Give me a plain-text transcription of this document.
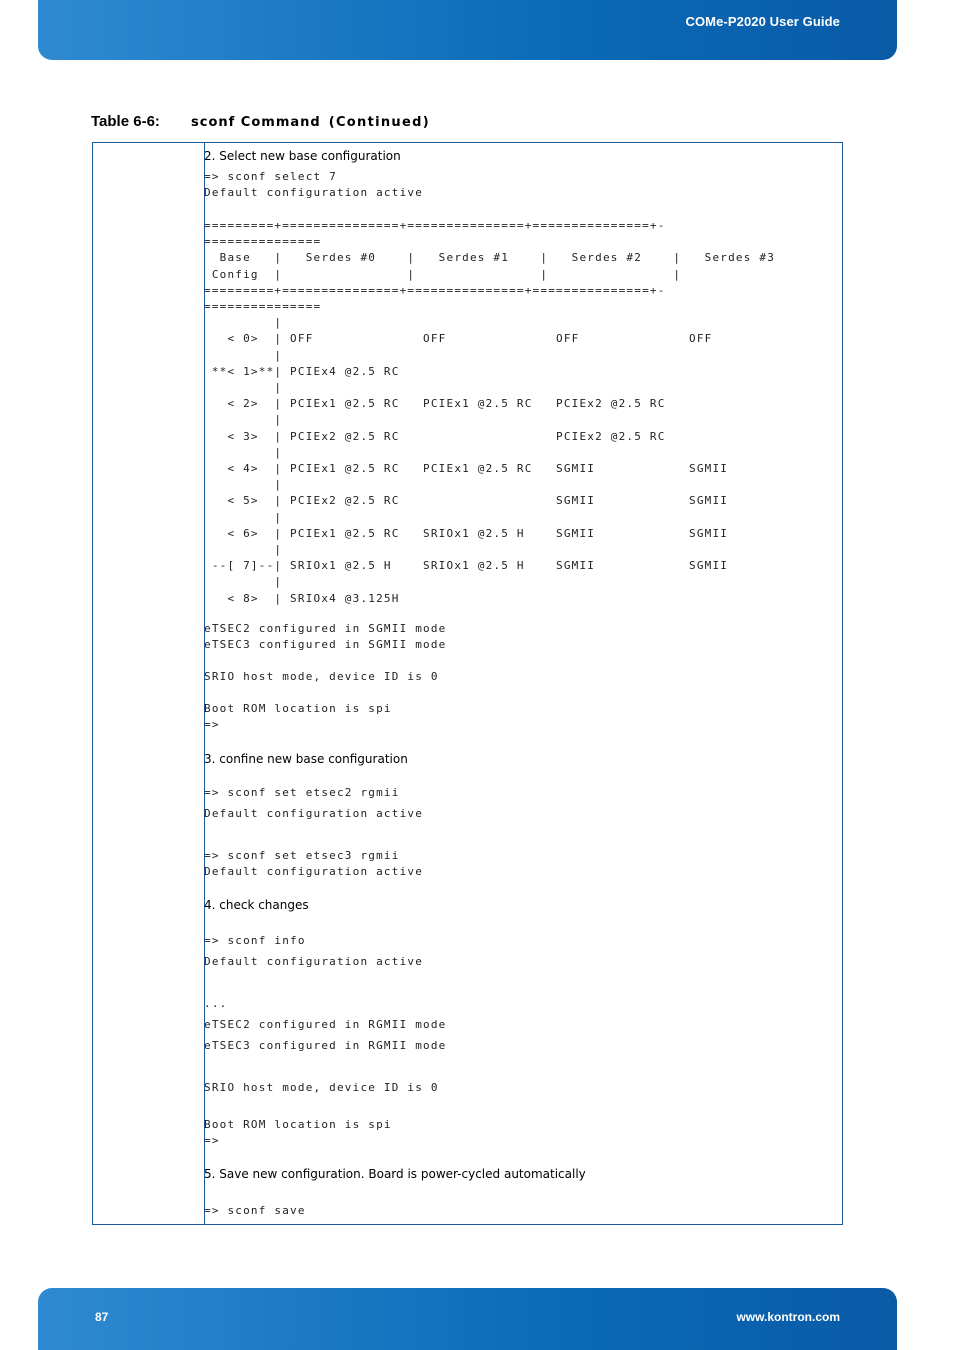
COMe-P2020 User Guide
Table 6-6: sconf Command (Continued)
2. Select new base configuration
=> sconf select 7
Default configuration active
=========+===============+===============+===============+-
===============
Base   |   Serdes #0    |   Serdes #1    |   Serdes #2    |   Serdes #3
Config  |                |                |                |
=========+===============+===============+===============+-
===============
|
< 0>  | OFF              OFF              OFF              OFF
|
**< 1>**| PCIEx4 @2.5 RC
|
< 2>  | PCIEx1 @2.5 RC   PCIEx1 @2.5 RC   PCIEx2 @2.5 RC
|
< 3>  | PCIEx2 @2.5 RC                    PCIEx2 @2.5 RC
|
< 4>  | PCIEx1 @2.5 RC   PCIEx1 @2.5 RC   SGMII            SGMII
|
< 5>  | PCIEx2 @2.5 RC                    SGMII            SGMII
|
< 6>  | PCIEx1 @2.5 RC   SRIOx1 @2.5 H    SGMII            SGMII
|
--[ 7]--| SRIOx1 @2.5 H    SRIOx1 @2.5 H    SGMII            SGMII
|
< 8>  | SRIOx4 @3.125H
eTSEC2 configured in SGMII mode
eTSEC3 configured in SGMII mode
SRIO host mode, device ID is 0
Boot ROM location is spi
=>
3. confine new base configuration
=> sconf set etsec2 rgmii
Default configuration active
=> sconf set etsec3 rgmii
Default configuration active
4. check changes
=> sconf info
Default configuration active
...
eTSEC2 configured in RGMII mode
eTSEC3 configured in RGMII mode
SRIO host mode, device ID is 0
Boot ROM location is spi
=>
5. Save new configuration. Board is power-cycled automatically
=> sconf save
87	www.kontron.com
